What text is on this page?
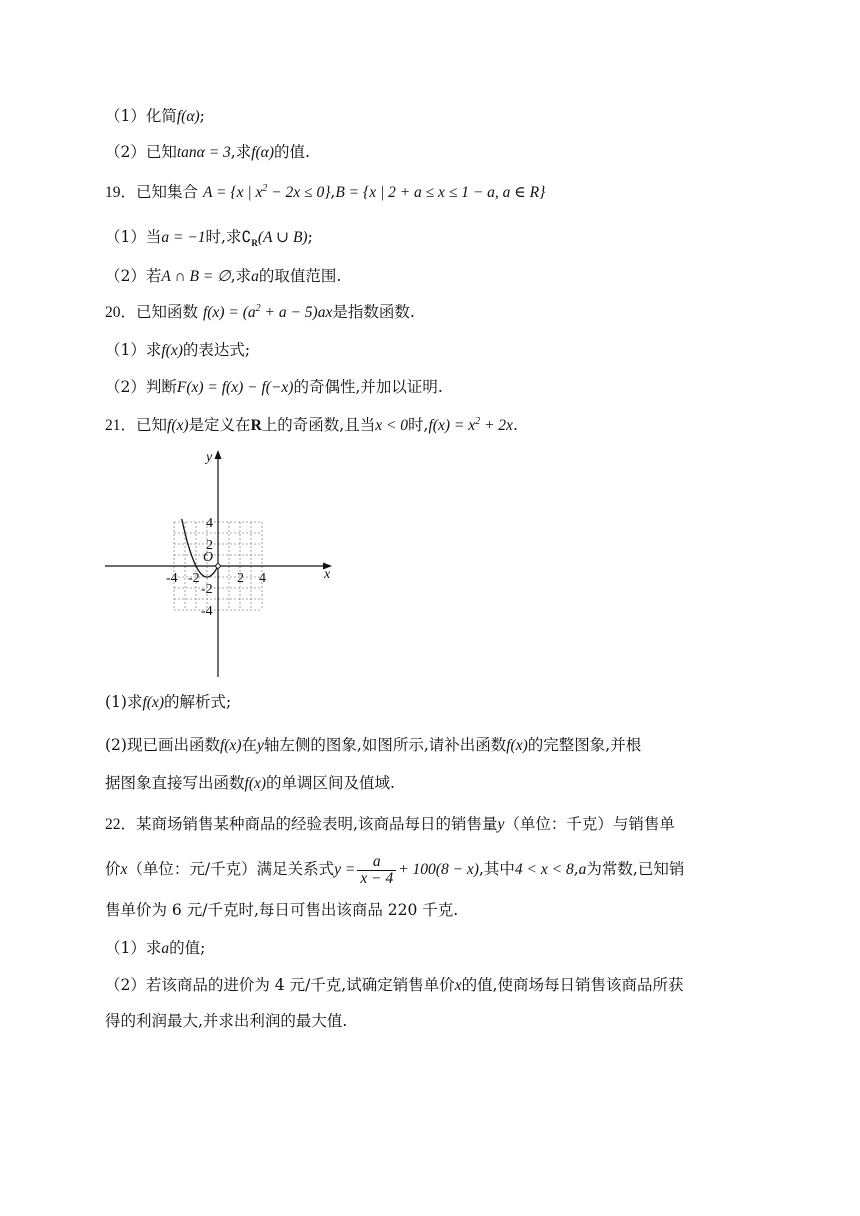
（1）化简f(α);
（2）已知tanα = 3,求f(α)的值.
19．已知集合 A = {x | $x^2 - 2x \le 0\},B = \{x$ | 2 + a ≤ x ≤ 1 − a, a ∈ R}
（1）当a = −1时,求$∁_R(A$ ∪ B);
（2）若A ∩ B = ∅,求a的取值范围.
20．已知函数 $f(x) = (a^2 + a - 5)ax$是指数函数.
（1）求f(x)的表达式;
（2）判断F(x) = f(x) − f(−x)的奇偶性,并加以证明.
21．已知f(x)是定义在R上的奇函数,且当x < 0时$,f(x) = x^2 + 2x$.
x
y
O
-4 -2	2 4
4
2
-2
-4
(1)求f(x)的解析式;
(2)现已画出函数f(x)在y轴左侧的图象,如图所示,请补出函数f(x)的完整图象,并根
据图象直接写出函数f(x)的单调区间及值域.
22．某商场销售某种商品的经验表明,该商品每日的销售量y（单位：千克）与销售单
价x（单位：元/千克）满足关系式$y = \frac{a}{x - 4} + 100(8 - x)$,其中4 < x < 8,a为常数,已知销
售单价为 6 元/千克时,每日可售出该商品 220 千克.
（1）求a的值;
（2）若该商品的进价为 4 元/千克,试确定销售单价x的值,使商场每日销售该商品所获
得的利润最大,并求出利润的最大值.
